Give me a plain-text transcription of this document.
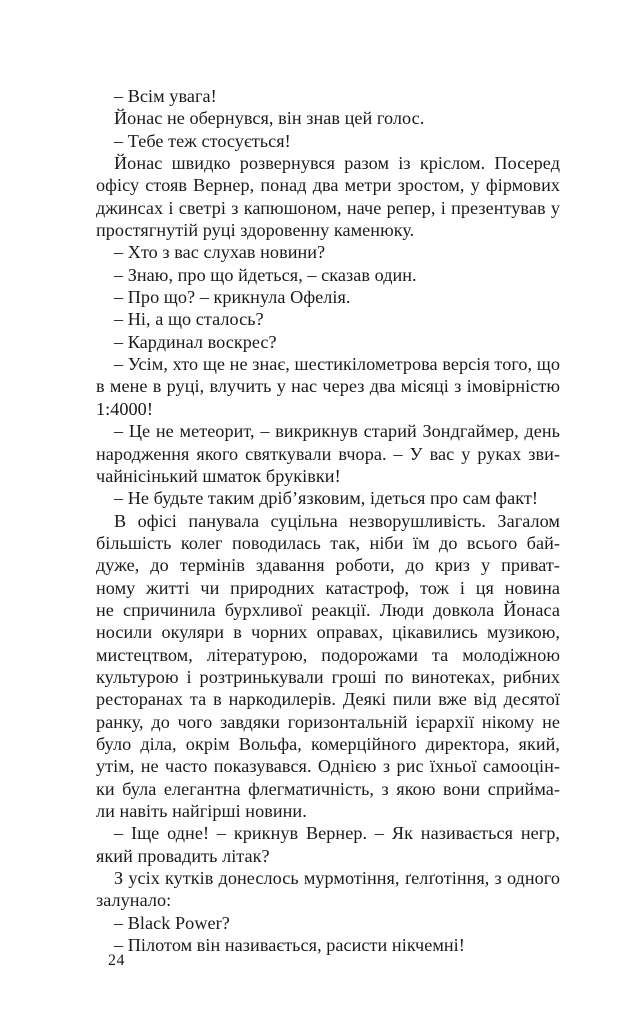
– Всім увага!
Йонас не обернувся, він знав цей голос.
– Тебе теж стосується!
Йонас швидко розвернувся разом із кріслом. Посеред
офісу стояв Вернер, понад два метри зростом, у фірмових
джинсах і светрі з капюшоном, наче репер, і презентував у
простягнутій руці здоровенну каменюку.
– Хто з вас слухав новини?
– Знаю, про що йдеться, – сказав один.
– Про що? – крикнула Офелія.
– Ні, а що сталось?
– Кардинал воскрес?
– Усім, хто ще не знає, шестикілометрова версія того, що
в мене в руці, влучить у нас через два місяці з імовірністю
1:4000!
– Це не метеорит, – викрикнув старий Зондгаймер, день
народження якого святкували вчора. – У вас у руках зви-
чайнісінький шматок бруківки!
– Не будьте таким дріб’язковим, ідеться про сам факт!
В офісі панувала суцільна незворушливість. Загалом
більшість колег поводилась так, ніби їм до всього бай-
дуже, до термінів здавання роботи, до криз у приват-
ному житті чи природних катастроф, тож і ця новина
не спричинила бурхливої реакції. Люди довкола Йонаса
носили окуляри в чорних оправах, цікавились музикою,
мистецтвом, літературою, подорожами та молодіжною
культурою і розтринькували гроші по винотеках, рибних
ресторанах та в наркодилерів. Деякі пили вже від десятої
ранку, до чого завдяки горизонтальній ієрархії нікому не
було діла, окрім Вольфа, комерційного директора, який,
утім, не часто показувався. Однією з рис їхньої самооцін-
ки була елегантна флегматичність, з якою вони сприйма-
ли навіть найгірші новини.
– Іще одне! – крикнув Вернер. – Як називається негр,
який провадить літак?
З усіх кутків донеслось мурмотіння, ґелґотіння, з одного
залунало:
– Black Power?
– Пілотом він називається, расисти нікчемні!
24
